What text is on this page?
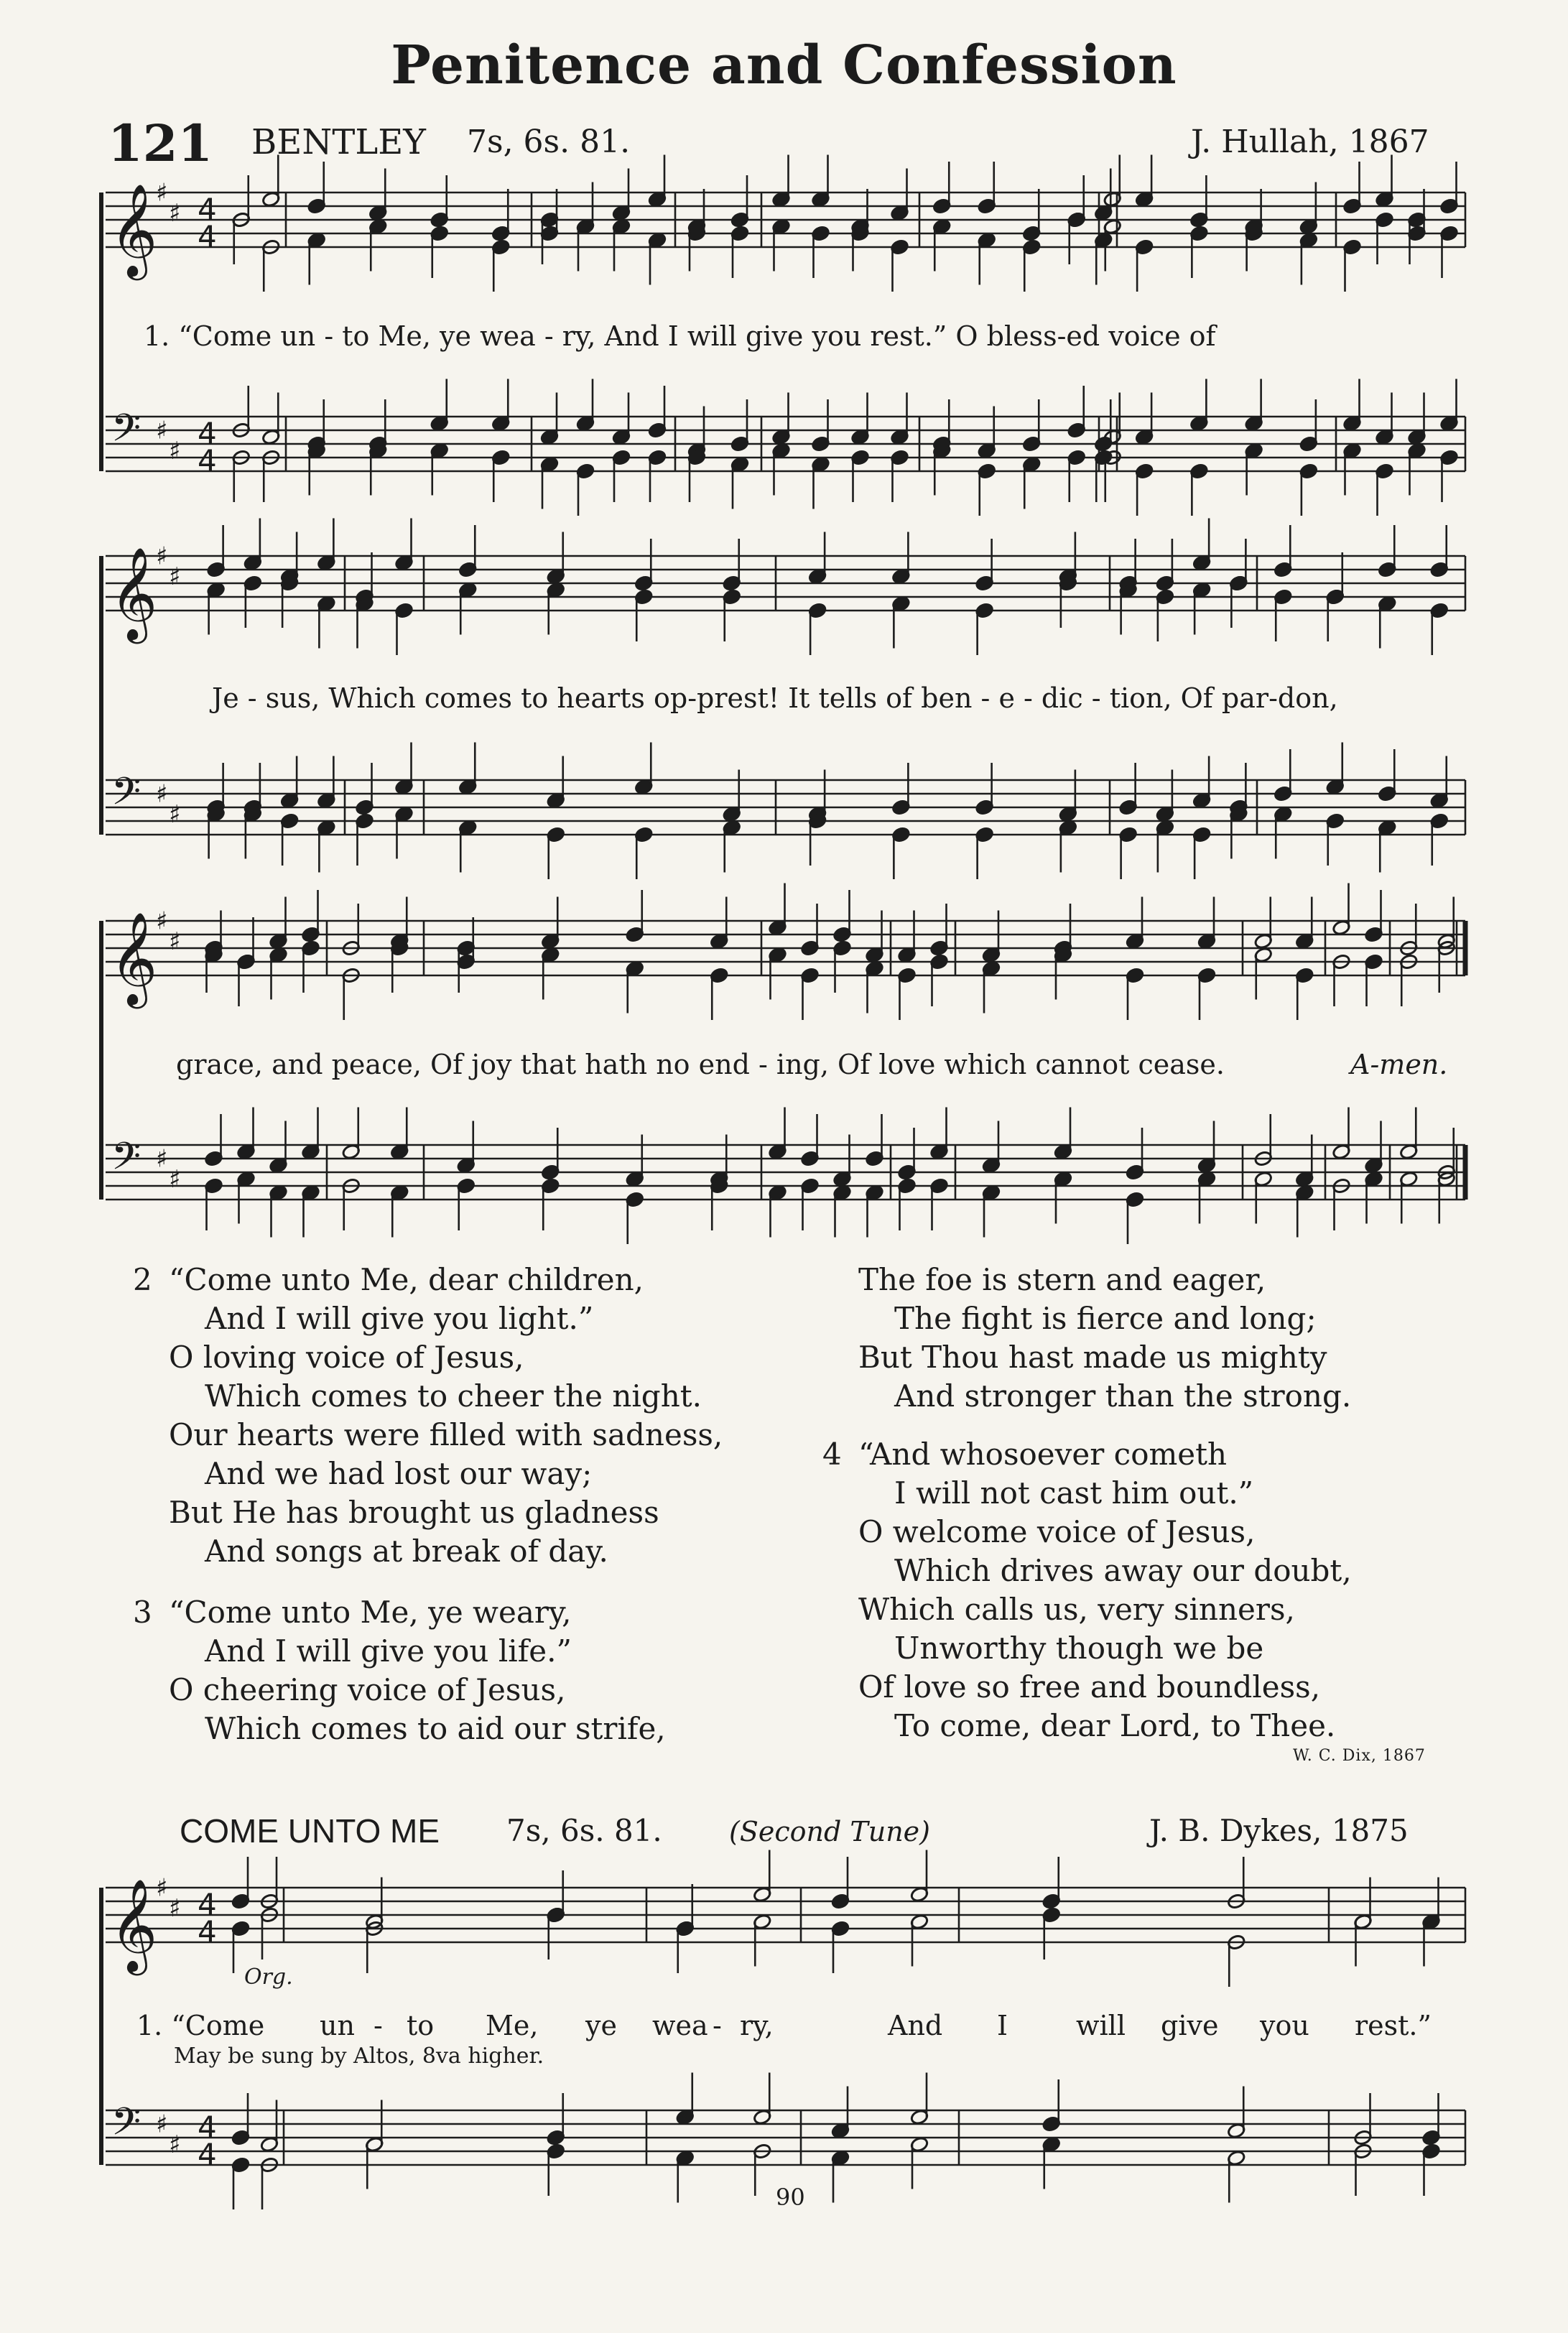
Penitence and Confession
121 BENTLEY 7s, 6s. 81.	J. Hullah, 1867
𝄞
𝄢
♯
♯
♯
♯
4
4
4
4
𝄞
𝄢
♯
♯
♯
♯
𝄞
𝄢
♯
♯
♯
♯
𝄞
𝄢
♯
♯
♯
♯
4
4
4
4
1. “Come un - to Me, ye wea - ry, And I will give you rest.” O bless-ed voice of
Je - sus, Which comes to hearts op-prest! It tells of ben - e - dic - tion, Of par-don,
grace, and peace, Of joy that hath no end - ing, Of love which cannot cease.	A-men.
2 “Come unto Me, dear children,
And I will give you light.”
O loving voice of Jesus,
Which comes to cheer the night.
Our hearts were filled with sadness,
And we had lost our way;
But He has brought us gladness
And songs at break of day.
3 “Come unto Me, ye weary,
And I will give you life.”
O cheering voice of Jesus,
Which comes to aid our strife,
The foe is stern and eager,
The fight is fierce and long;
But Thou hast made us mighty
And stronger than the strong.
4 “And whosoever cometh
I will not cast him out.”
O welcome voice of Jesus,
Which drives away our doubt,
Which calls us, very sinners,
Unworthy though we be
Of love so free and boundless,
To come, dear Lord, to Thee.
W. C. Dix, 1867
COME UNTO ME 7s, 6s. 81. (Second Tune)	J. B. Dykes, 1875
Org.
1. “Come un - to Me, ye wea - ry,	And I will give you rest.”
May be sung by Altos, 8va higher.
90
